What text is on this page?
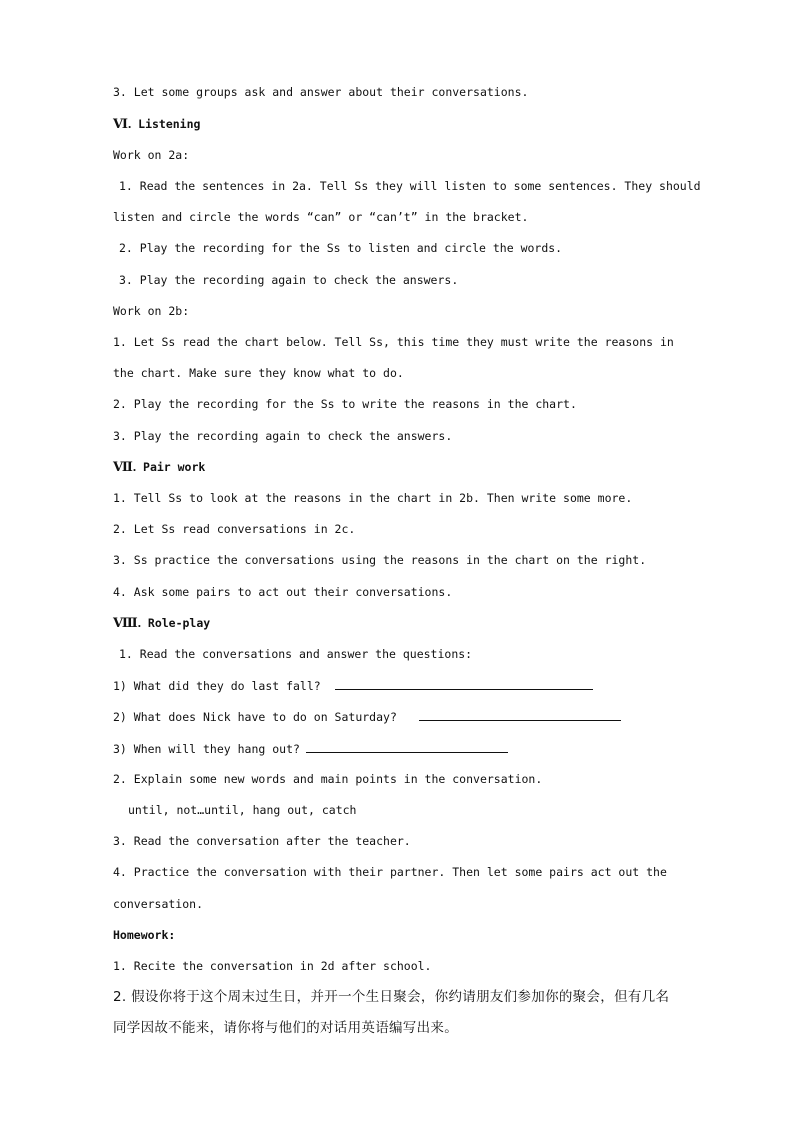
3. Let some groups ask and answer about their conversations.
Ⅵ. Listening
Work on 2a:
1. Read the sentences in 2a. Tell Ss they will listen to some sentences. They should
listen and circle the words “can” or “can’t” in the bracket.
2. Play the recording for the Ss to listen and circle the words.
3. Play the recording again to check the answers.
Work on 2b:
1. Let Ss read the chart below. Tell Ss, this time they must write the reasons in
the chart. Make sure they know what to do.
2. Play the recording for the Ss to write the reasons in the chart.
3. Play the recording again to check the answers.
Ⅶ. Pair work
1. Tell Ss to look at the reasons in the chart in 2b. Then write some more.
2. Let Ss read conversations in 2c.
3. Ss practice the conversations using the reasons in the chart on the right.
4. Ask some pairs to act out their conversations.
Ⅷ. Role-play
1. Read the conversations and answer the questions:
1) What did they do last fall?
2) What does Nick have to do on Saturday?
3) When will they hang out?
2. Explain some new words and main points in the conversation.
until, not…until, hang out, catch
3. Read the conversation after the teacher.
4. Practice the conversation with their partner. Then let some pairs act out the
conversation.
Homework:
1. Recite the conversation in 2d after school.
2. 假设你将于这个周末过生日，并开一个生日聚会，你约请朋友们参加你的聚会，但有几名同学因故不能来，请你将与他们的对话用英语编写出来。
